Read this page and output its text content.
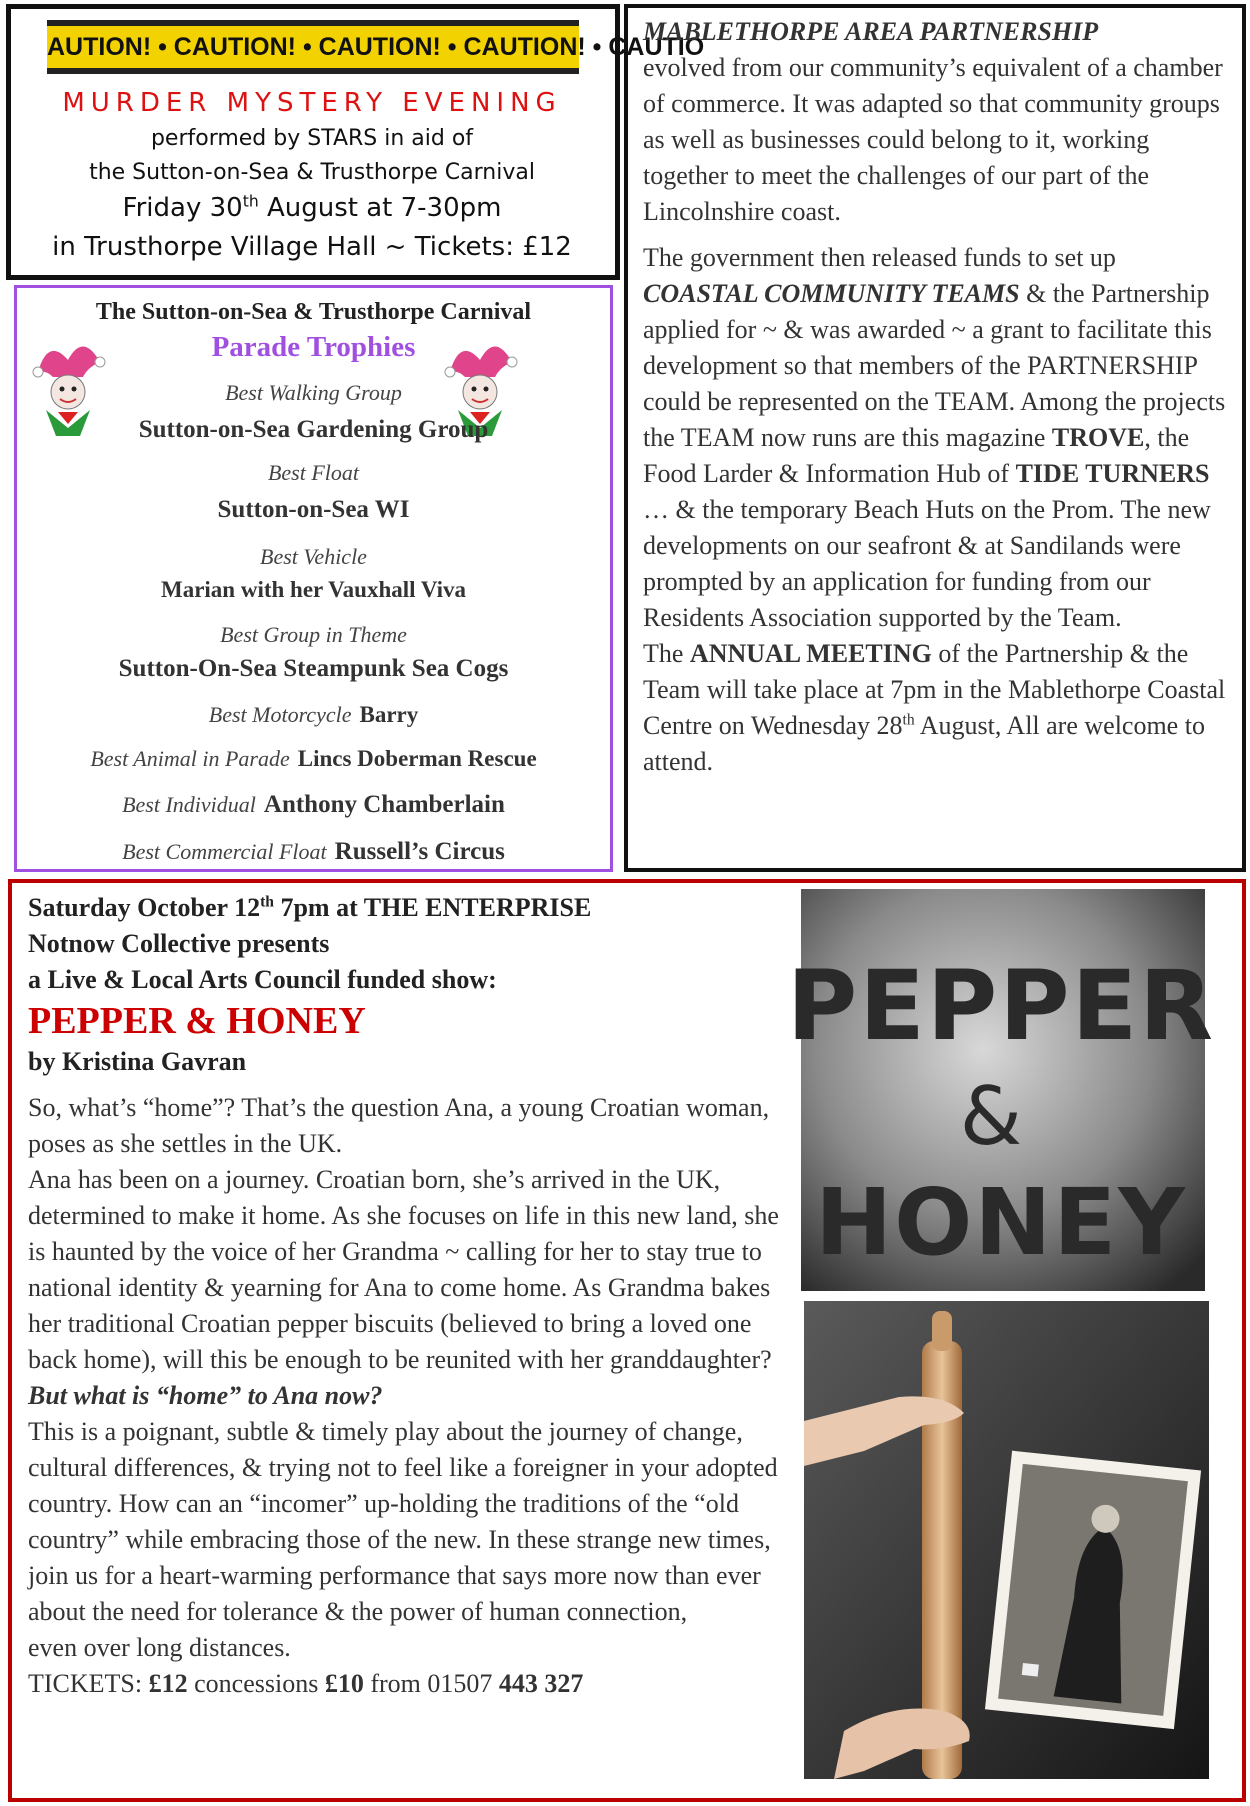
AUTION! • CAUTION! • CAUTION! • CAUTION! • CAUTIO
MURDER MYSTERY EVENING
performed by STARS in aid of
the Sutton-on-Sea & Trusthorpe Carnival
Friday 30th August at 7-30pm
in Trusthorpe Village Hall ~ Tickets: £12
The Sutton-on-Sea & Trusthorpe Carnival
Parade Trophies
Best Walking Group
Sutton-on-Sea Gardening Group
Best Float
Sutton-on-Sea WI
Best Vehicle
Marian with her Vauxhall Viva
Best Group in Theme
Sutton-On-Sea Steampunk Sea Cogs
Best Motorcycle Barry
Best Animal in Parade Lincs Doberman Rescue
Best Individual Anthony Chamberlain
Best Commercial Float Russell’s Circus

MABLETHORPE AREA PARTNERSHIP
evolved from our community’s equivalent of a chamber of commerce. It was adapted so that community groups as well as businesses could belong to it, working together to meet the challenges of our part of the Lincolnshire coast.

The government then released funds to set up COASTAL COMMUNITY TEAMS & the Partnership applied for ~ & was awarded ~ a grant to facilitate this development so that members of the PARTNERSHIP could be represented on the TEAM. Among the projects the TEAM now runs are this magazine TROVE, the Food Larder & Information Hub of TIDE TURNERS … & the temporary Beach Huts on the Prom. The new developments on our seafront & at Sandilands were prompted by an application for funding from our Residents Association supported by the Team.

The ANNUAL MEETING of the Partnership & the Team will take place at 7pm in the Mablethorpe Coastal Centre on Wednesday 28th August, All are welcome to attend.

Saturday October 12th 7pm at THE ENTERPRISE

Notnow Collective presents

a Live & Local Arts Council funded show:

PEPPER & HONEY

by Kristina Gavran

So, what’s “home”? That’s the question Ana, a young Croatian woman, poses as she settles in the UK.

Ana has been on a journey. Croatian born, she’s arrived in the UK, determined to make it home. As she focuses on life in this new land, she is haunted by the voice of her Grandma ~ calling for her to stay true to national identity & yearning for Ana to come home. As Grandma bakes her traditional Croatian pepper biscuits (believed to bring a loved one back home), will this be enough to be reunited with her granddaughter?

But what is “home” to Ana now?

This is a poignant, subtle & timely play about the journey of change, cultural differences, & trying not to feel like a foreigner in your adopted country. How can an “incomer” up-holding the traditions of the “old country” while embracing those of the new. In these strange new times, join us for a heart-warming performance that says more now than ever about the need for tolerance & the power of human connection,

even over long distances.

TICKETS: £12 concessions £10 from 01507 443 327

PEPPER
&
HONEY
